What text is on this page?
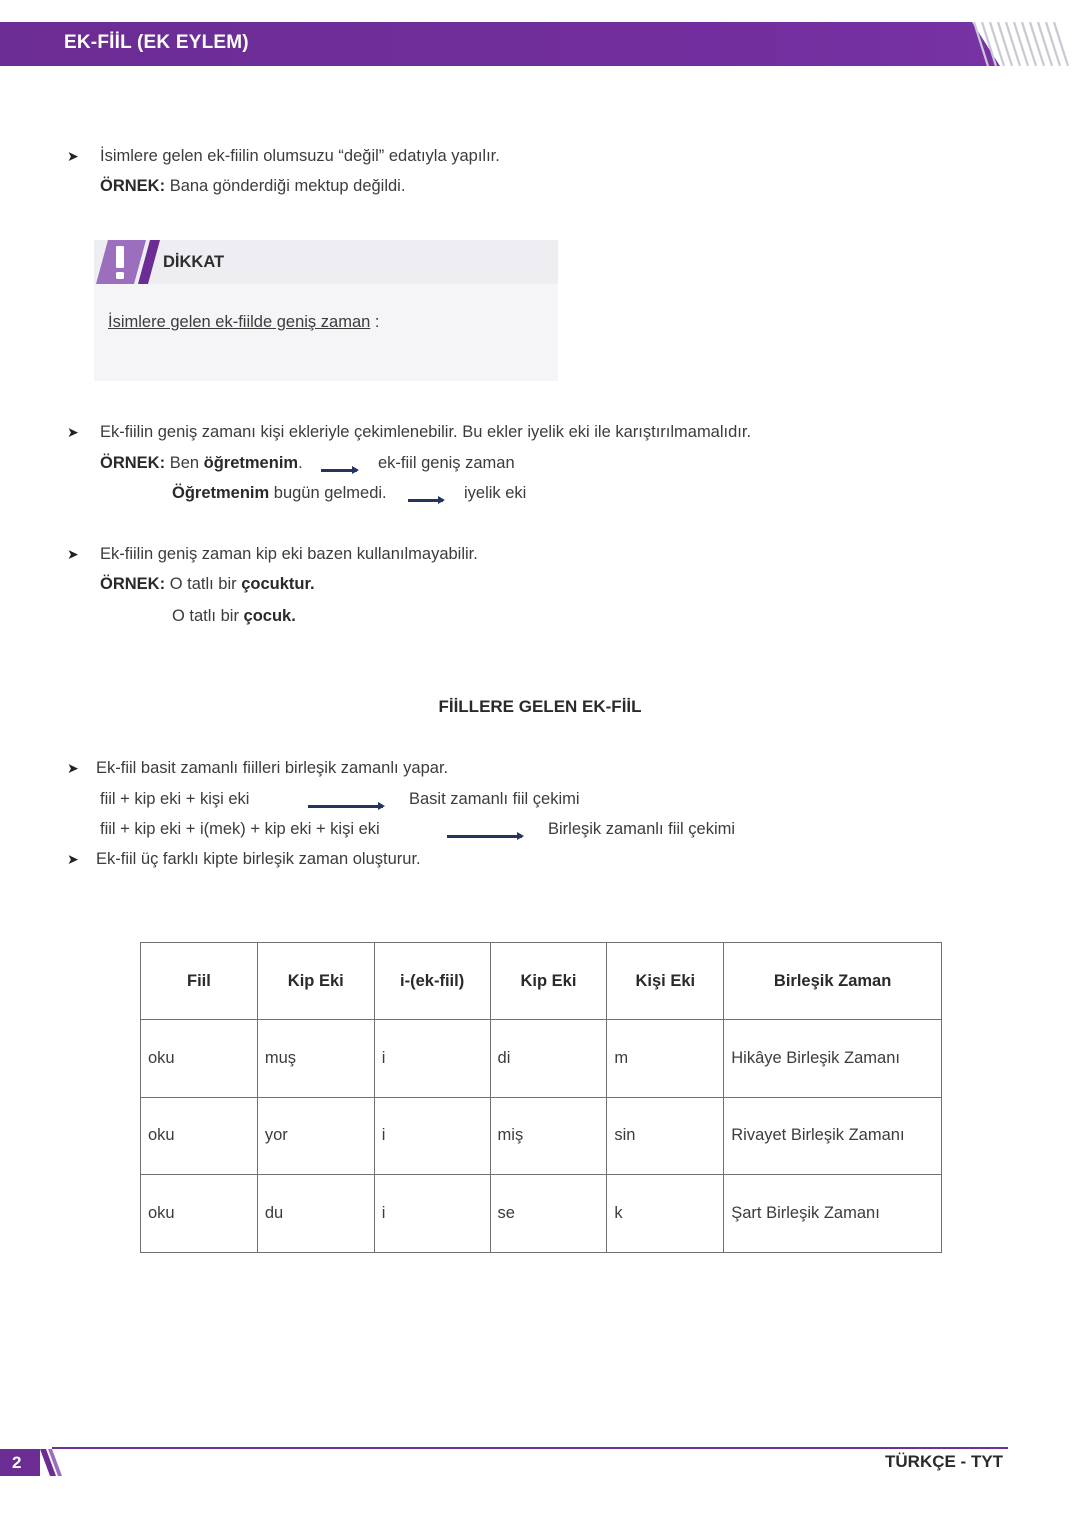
EK-FİİL (EK EYLEM)
➤ İsimlere gelen ek-fiilin olumsuzu “değil” edatıyla yapılır.
ÖRNEK: Bana gönderdiği mektup değildi.
DİKKAT
İsimlere gelen ek-fiilde geniş zaman :
➤ Ek-fiilin geniş zamanı kişi ekleriyle çekimlenebilir. Bu ekler iyelik eki ile karıştırılmamalıdır.
ÖRNEK: Ben öğretmenim.	ek-fiil geniş zaman
Öğretmenim bugün gelmedi.	iyelik eki
➤ Ek-fiilin geniş zaman kip eki bazen kullanılmayabilir.
ÖRNEK: O tatlı bir çocuktur.
O tatlı bir çocuk.
FİİLLERE GELEN EK-FİİL
➤ Ek-fiil basit zamanlı fiilleri birleşik zamanlı yapar.
fiil + kip eki + kişi eki	Basit zamanlı fiil çekimi
fiil + kip eki + i(mek) + kip eki + kişi eki	Birleşik zamanlı fiil çekimi
➤ Ek-fiil üç farklı kipte birleşik zaman oluşturur.
Fiil	Kip Eki	i-(ek-fiil)	Kip Eki	Kişi Eki	Birleşik Zaman
oku	muş	i	di	m	Hikâye Birleşik Zamanı
oku	yor	i	miş	sin	Rivayet Birleşik Zamanı
oku	du	i	se	k	Şart Birleşik Zamanı
2	TÜRKÇE - TYT
